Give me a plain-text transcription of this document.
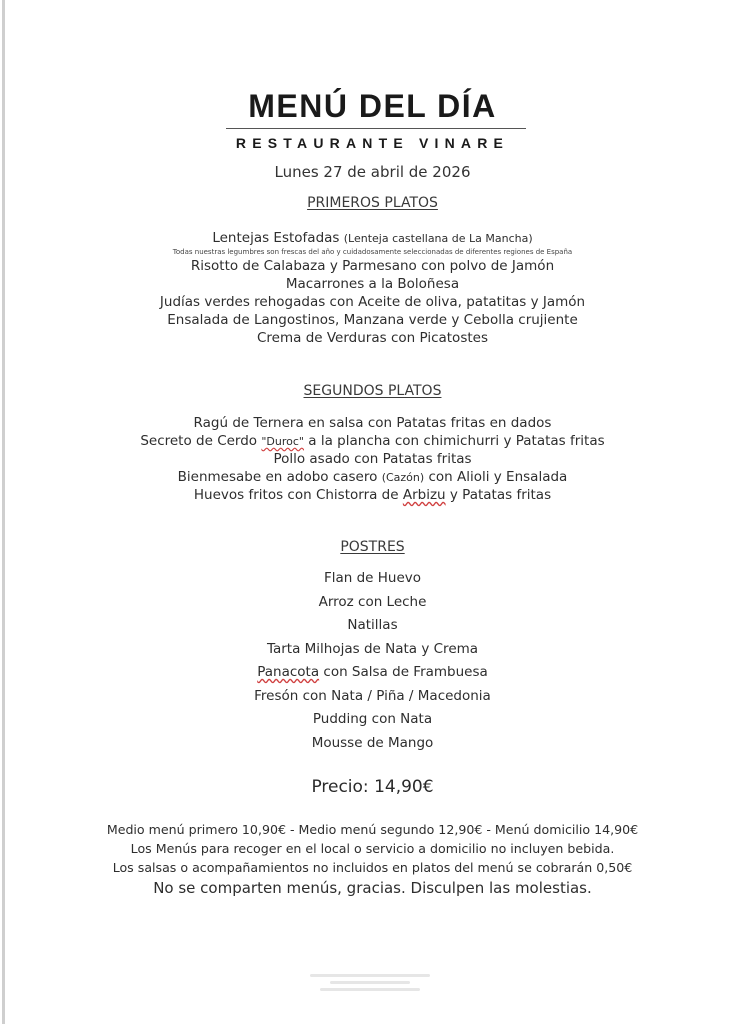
MENÚ DEL DÍA
RESTAURANTE VINARE
Lunes 27 de abril de 2026
PRIMEROS PLATOS
Lentejas Estofadas (Lenteja castellana de La Mancha)
Todas nuestras legumbres son frescas del año y cuidadosamente seleccionadas de diferentes regiones de España
Risotto de Calabaza y Parmesano con polvo de Jamón
Macarrones a la Boloñesa
Judías verdes rehogadas con Aceite de oliva, patatitas y Jamón
Ensalada de Langostinos, Manzana verde y Cebolla crujiente
Crema de Verduras con Picatostes
SEGUNDOS PLATOS
Ragú de Ternera en salsa con Patatas fritas en dados
Secreto de Cerdo "Duroc" a la plancha con chimichurri y Patatas fritas
Pollo asado con Patatas fritas
Bienmesabe en adobo casero (Cazón) con Alioli y Ensalada
Huevos fritos con Chistorra de Arbizu y Patatas fritas
POSTRES
Flan de Huevo
Arroz con Leche
Natillas
Tarta Milhojas de Nata y Crema
Panacota con Salsa de Frambuesa
Fresón con Nata / Piña / Macedonia
Pudding con Nata
Mousse de Mango
Precio: 14,90€
Medio menú primero 10,90€ - Medio menú segundo 12,90€ - Menú domicilio 14,90€
Los Menús para recoger en el local o servicio a domicilio no incluyen bebida.
Los salsas o acompañamientos no incluidos en platos del menú se cobrarán 0,50€
No se comparten menús, gracias. Disculpen las molestias.
